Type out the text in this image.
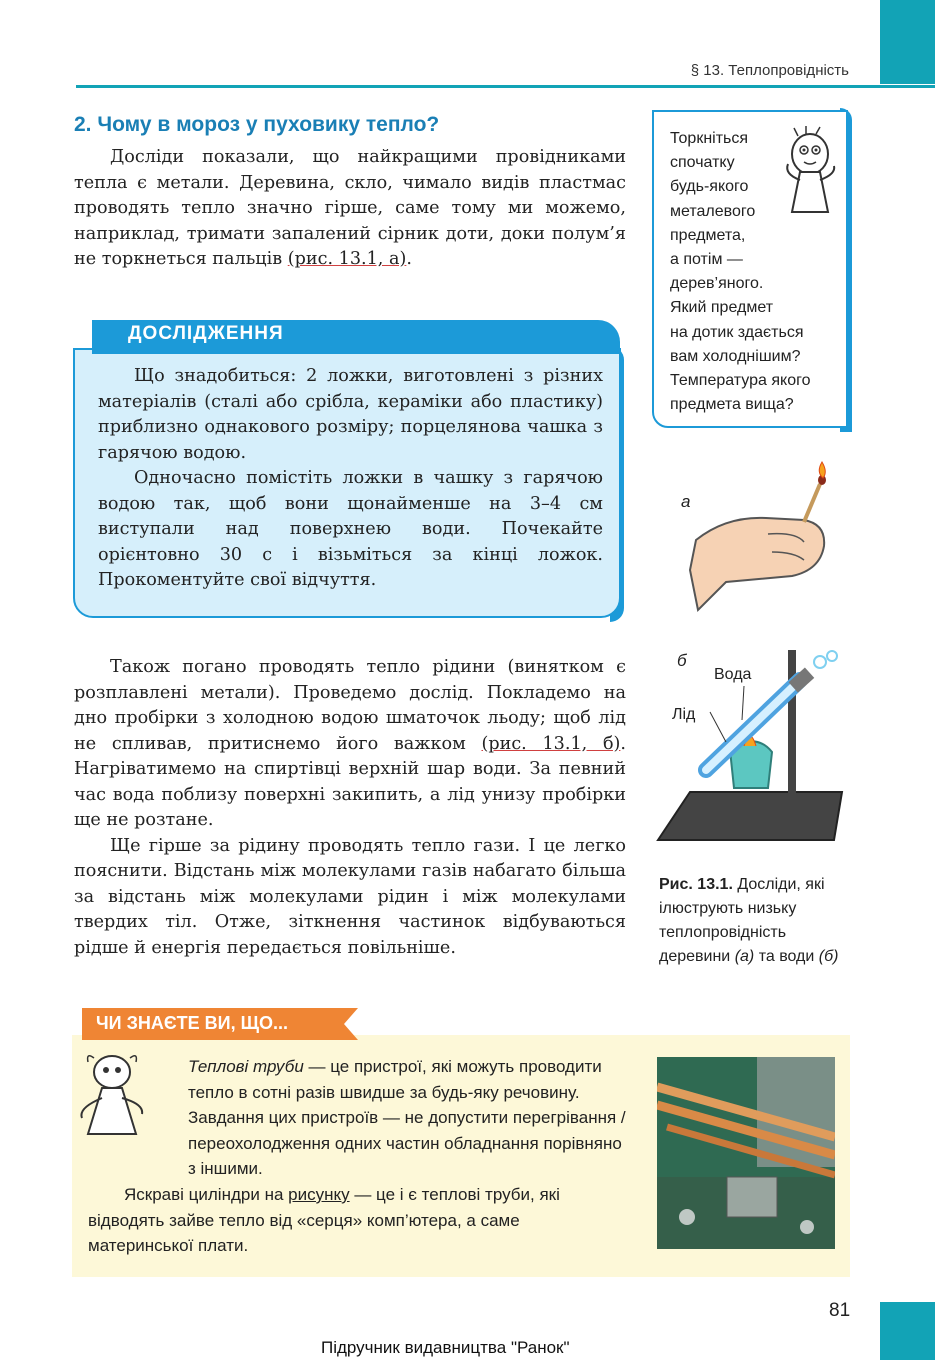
§ 13. Теплопровідність
2. Чому в мороз у пуховику тепло?

Досліди показали, що найкращими провідниками тепла є метали. Деревина, скло, чимало видів пластмас проводять тепло значно гірше, саме тому ми можемо, наприклад, тримати запалений сірник доти, доки полум’я не торкнеться пальців (рис. 13.1, а).

ДОСЛІДЖЕННЯ

Що знадобиться: 2 ложки, виготовлені з різних матеріалів (сталі або срібла, кераміки або пластику) приблизно однакового розміру; порцелянова чашка з гарячою водою.

Одночасно помістіть ложки в чашку з гарячою водою так, щоб вони щонайменше на 3–4 см виступали над поверхнею води. Почекайте орієнтовно 30 с і візьміться за кінці ложок. Прокоментуйте свої відчуття.

Також погано проводять тепло рідини (винятком є розплавлені метали). Проведемо дослід. Покладемо на дно пробірки з холодною водою шматочок льоду; щоб лід не спливав, притиснемо його важком (рис. 13.1, б). Нагріватимемо на спиртівці верхній шар води. За певний час вода поблизу поверхні закипить, а лід унизу пробірки ще не розтане.

Ще гірше за рідину проводять тепло гази. І це легко пояснити. Відстань між молекулами газів набагато більша за відстань між молекулами рідин і між молекулами твердих тіл. Отже, зіткнення частинок відбуваються рідше й енергія передається повільніше.

Торкніться
спочатку
будь-якого
металевого
предмета,
а потім —
дерев’яного.
Який предмет
на дотик здається
вам холоднішим?
Температура якого
предмета вища?
а
б
Вода
Лід
Рис. 13.1. Досліди, які ілюструють низьку теплопровідність деревини (а) та води (б)
ЧИ ЗНАЄТЕ ВИ, ЩО...
Теплові труби — це пристрої, які можуть проводити тепло в сотні разів швидше за будь-яку речовину. Завдання цих пристроїв — не допустити перегрівання / переохолодження одних частин обладнання порівняно з іншими.
Яскраві циліндри на рисунку — це і є теплові труби, які відводять зайве тепло від «серця» комп’ютера, а саме материнської плати.
81
Підручник видавництва "Ранок"
